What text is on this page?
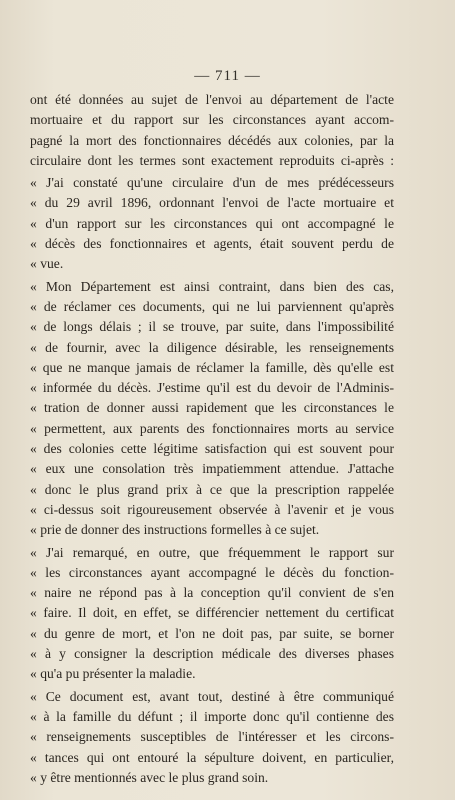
— 711 —
ont été données au sujet de l'envoi au département de l'acte
mortuaire et du rapport sur les circonstances ayant accom-
pagné la mort des fonctionnaires décédés aux colonies, par la
circulaire dont les termes sont exactement reproduits ci-après :
« J'ai constaté qu'une circulaire d'un de mes prédécesseurs
« du 29 avril 1896, ordonnant l'envoi de l'acte mortuaire et
« d'un rapport sur les circonstances qui ont accompagné le
« décès des fonctionnaires et agents, était souvent perdu de
« vue.
« Mon Département est ainsi contraint, dans bien des cas,
« de réclamer ces documents, qui ne lui parviennent qu'après
« de longs délais ; il se trouve, par suite, dans l'impossibilité
« de fournir, avec la diligence désirable, les renseignements
« que ne manque jamais de réclamer la famille, dès qu'elle est
« informée du décès. J'estime qu'il est du devoir de l'Adminis-
« tration de donner aussi rapidement que les circonstances le
« permettent, aux parents des fonctionnaires morts au service
« des colonies cette légitime satisfaction qui est souvent pour
« eux une consolation très impatiemment attendue. J'attache
« donc le plus grand prix à ce que la prescription rappelée
« ci-dessus soit rigoureusement observée à l'avenir et je vous
« prie de donner des instructions formelles à ce sujet.
« J'ai remarqué, en outre, que fréquemment le rapport sur
« les circonstances ayant accompagné le décès du fonction-
« naire ne répond pas à la conception qu'il convient de s'en
« faire. Il doit, en effet, se différencier nettement du certificat
« du genre de mort, et l'on ne doit pas, par suite, se borner
« à y consigner la description médicale des diverses phases
« qu'a pu présenter la maladie.
« Ce document est, avant tout, destiné à être communiqué
« à la famille du défunt ; il importe donc qu'il contienne des
« renseignements susceptibles de l'intéresser et les circons-
« tances qui ont entouré la sépulture doivent, en particulier,
« y être mentionnés avec le plus grand soin.
